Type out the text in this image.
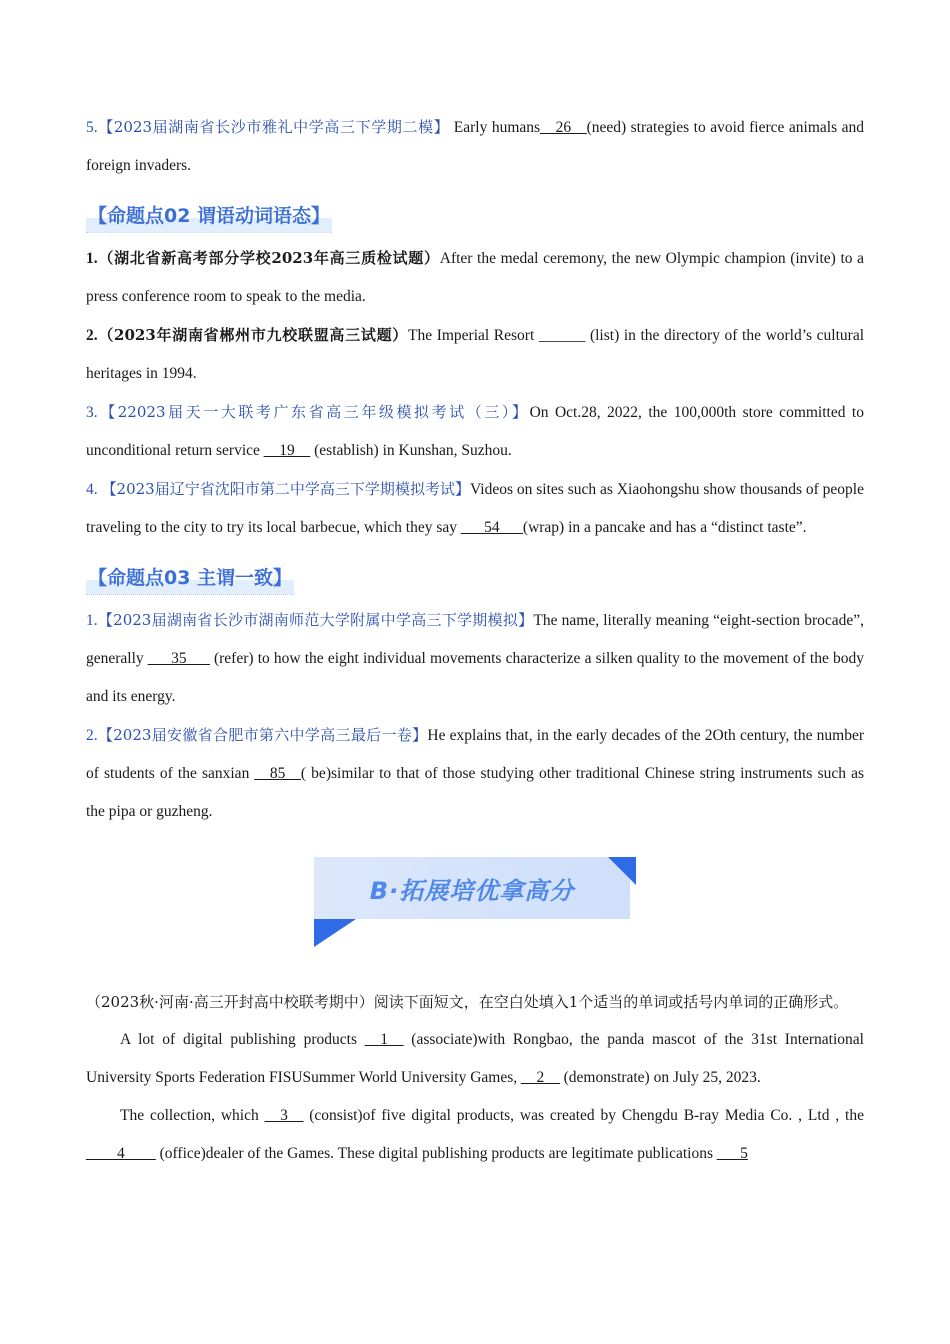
5.【2023届湖南省长沙市雅礼中学高三下学期二模】 Early humans__26__(need) strategies to avoid fierce animals and foreign invaders.

【命题点02 谓语动词语态】

1.（湖北省新高考部分学校2023年高三质检试题）After the medal ceremony, the new Olympic champion (invite) to a press conference room to speak to the media.

2.（2023年湖南省郴州市九校联盟高三试题）The Imperial Resort ______ (list) in the directory of the world’s cultural heritages in 1994.

3.【22023届天一大联考广东省高三年级模拟考试（三）】On Oct.28, 2022, the 100,000th store committed to unconditional return service __19__ (establish) in Kunshan, Suzhou.

4. 【2023届辽宁省沈阳市第二中学高三下学期模拟考试】Videos on sites such as Xiaohongshu show thousands of people traveling to the city to try its local barbecue, which they say ___54___(wrap) in a pancake and has a “distinct taste”.

【命题点03 主谓一致】

1.【2023届湖南省长沙市湖南师范大学附属中学高三下学期模拟】The name, literally meaning “eight-section brocade”, generally ___35___ (refer) to how the eight individual movements characterize a silken quality to the movement of the body and its energy.

2.【2023届安徽省合肥市第六中学高三最后一卷】He explains that, in the early decades of the 2Oth century, the number of students of the sanxian __85__( be)similar to that of those studying other traditional Chinese string instruments such as the pipa or guzheng.

B·拓展培优拿高分

（2023秋·河南·高三开封高中校联考期中）阅读下面短文，在空白处填入1个适当的单词或括号内单词的正确形式。

A lot of digital publishing products __1__ (associate)with Rongbao, the panda mascot of the 31st International University Sports Federation FISUSummer World University Games, __2__ (demonstrate) on July 25, 2023.

The collection, which __3__ (consist)of five digital products, was created by Chengdu B-ray Media Co. , Ltd , the ____4____ (office)dealer of the Games. These digital publishing products are legitimate publications ___5
